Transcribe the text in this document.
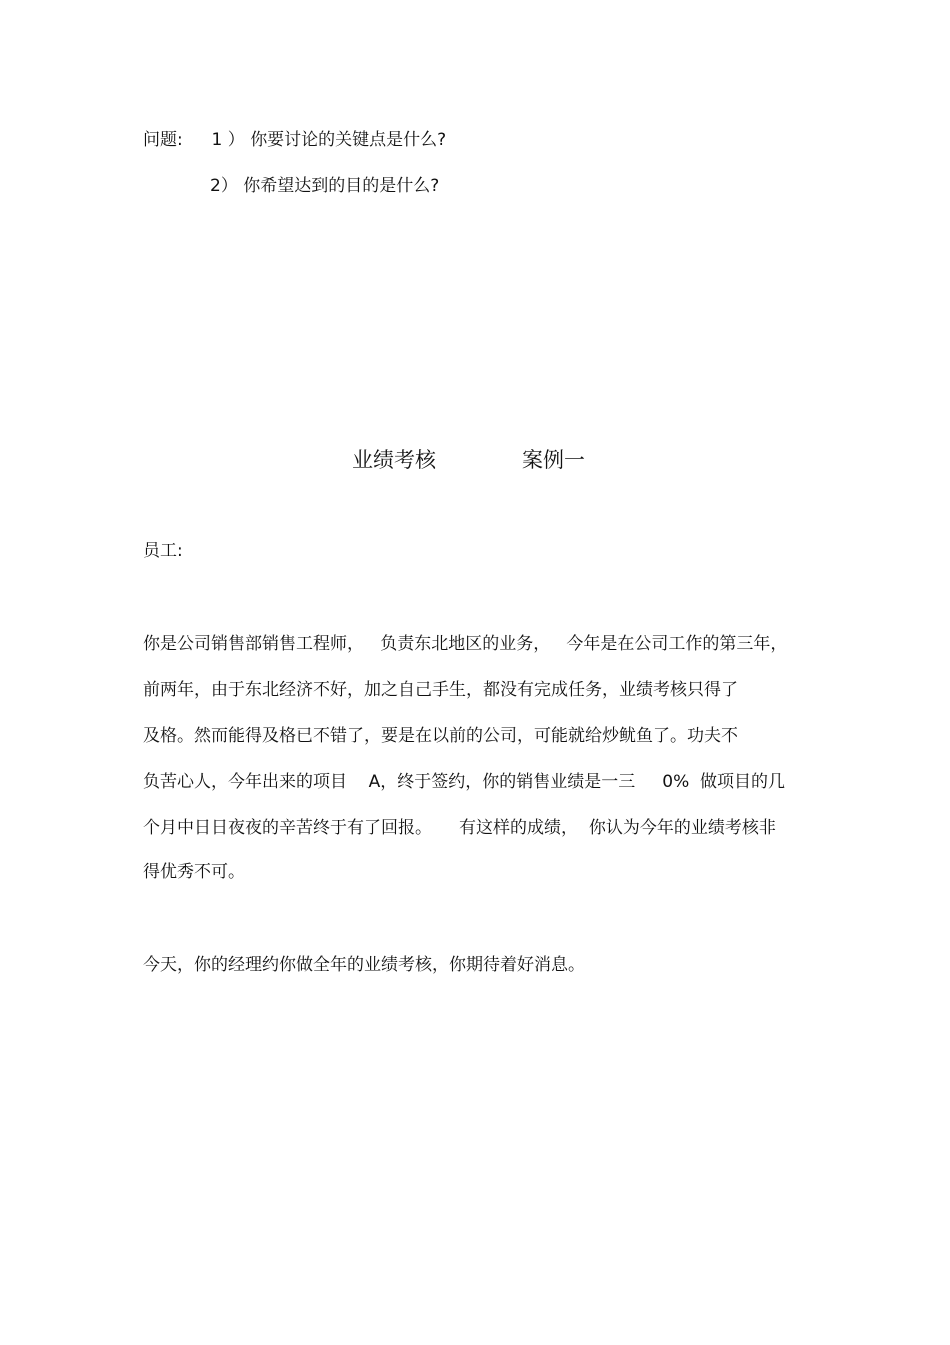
问题: 1 ） 你要讨论的关键点是什么?
2） 你希望达到的目的是什么?
业绩考核	案例一
员工:
你是公司销售部销售工程师，   负责东北地区的业务，   今年是在公司工作的第三年，
前两年，由于东北经济不好，加之自己手生，都没有完成任务，业绩考核只得了
及格。然而能得及格已不错了，要是在以前的公司，可能就给炒鱿鱼了。功夫不
负苦心人，今年出来的项目    A，终于签约，你的销售业绩是一三     0%  做项目的几
个月中日日夜夜的辛苦终于有了回报。     有这样的成绩，  你认为今年的业绩考核非
得优秀不可。
今天，你的经理约你做全年的业绩考核，你期待着好消息。
